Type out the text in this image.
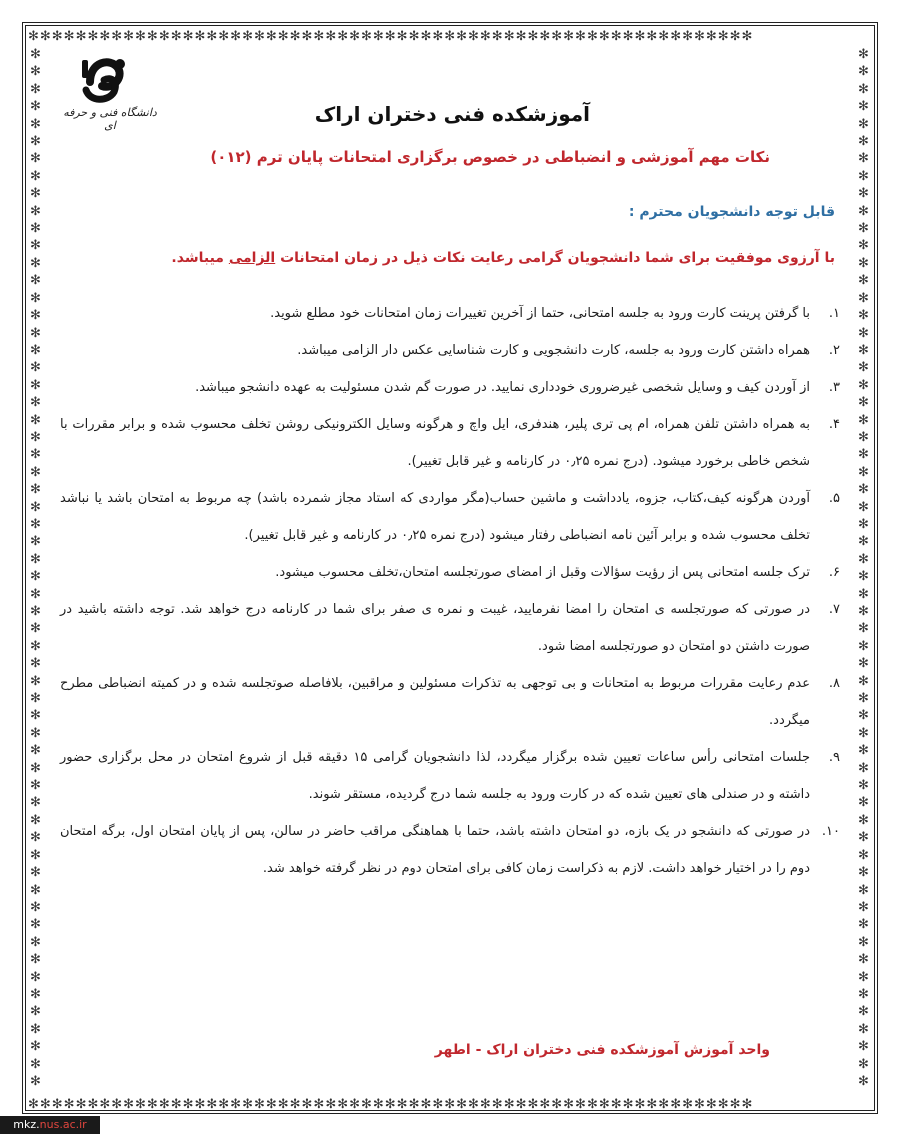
✻✻✻✻✻✻✻✻✻✻✻✻✻✻✻✻✻✻✻✻✻✻✻✻✻✻✻✻✻✻✻✻✻✻✻✻✻✻✻✻✻✻✻✻✻✻✻✻✻✻✻✻✻✻✻✻✻✻✻✻✻
✻✻✻✻✻✻✻✻✻✻✻✻✻✻✻✻✻✻✻✻✻✻✻✻✻✻✻✻✻✻✻✻✻✻✻✻✻✻✻✻✻✻✻✻✻✻✻✻✻✻✻✻✻✻✻✻✻✻✻✻✻
✻✻✻✻✻✻✻✻✻✻✻✻✻✻✻✻✻✻✻✻✻✻✻✻✻✻✻✻✻✻✻✻✻✻✻✻✻✻✻✻✻✻✻✻✻✻✻✻✻✻✻✻✻✻✻✻✻✻✻✻
✻✻✻✻✻✻✻✻✻✻✻✻✻✻✻✻✻✻✻✻✻✻✻✻✻✻✻✻✻✻✻✻✻✻✻✻✻✻✻✻✻✻✻✻✻✻✻✻✻✻✻✻✻✻✻✻✻✻✻✻
دانشگاه فنی و حرفه ای	آموزشکده فنی دختران اراک
نکات مهم آموزشی و انضباطی در خصوص برگزاری امتحانات پایان ترم (۰۱۲)
قابل توجه دانشجویان محترم :
با آرزوی موفقیت برای شما دانشجویان گرامی رعایت نکات ذیل در زمان امتحانات الزامی میباشد.
۱.
با گرفتن پرینت کارت ورود به جلسه امتحانی، حتما از آخرین تغییرات زمان امتحانات خود مطلع شوید.
۲.
همراه داشتن کارت ورود به جلسه، کارت دانشجویی و کارت شناسایی عکس دار الزامی میباشد.
۳.
از آوردن کیف و وسایل شخصی غیرضروری خودداری نمایید. در صورت گم شدن مسئولیت به عهده دانشجو میباشد.
۴.
به همراه داشتن تلفن همراه، ام پی تری پلیر، هندفری، ایل واچ و هرگونه وسایل الکترونیکی روشن تخلف محسوب شده و برابر مقررات با شخص خاطی برخورد میشود. (درج نمره ۰٫۲۵ در کارنامه و غیر قابل تغییر).
۵.
آوردن هرگونه کیف،کتاب، جزوه، یادداشت و ماشین حساب(مگر مواردی که استاد مجاز شمرده باشد) چه مربوط به امتحان باشد یا نباشد تخلف محسوب شده و برابر آئین نامه انضباطی رفتار میشود (درج نمره ۰٫۲۵ در کارنامه و غیر قابل تغییر).
۶.
ترک جلسه امتحانی پس از رؤیت سؤالات وقبل از امضای صورتجلسه امتحان،تخلف محسوب میشود.
۷.
در صورتی که صورتجلسه ی امتحان را امضا نفرمایید، غیبت و نمره ی صفر برای شما در کارنامه درج خواهد شد. توجه داشته باشید در صورت داشتن دو امتحان دو صورتجلسه امضا شود.
۸.
عدم رعایت مقررات مربوط به امتحانات و بی توجهی به تذکرات مسئولین و مراقبین، بلافاصله صوتجلسه شده و در کمیته انضباطی مطرح میگردد.
۹.
جلسات امتحانی رأس ساعات تعیین شده برگزار میگردد، لذا دانشجویان گرامی ۱۵ دقیقه قبل از شروع امتحان در محل برگزاری حضور داشته و در صندلی های تعیین شده که در کارت ورود به جلسه شما درج گردیده، مستقر شوند.
۱۰.
در صورتی که دانشجو در یک بازه، دو امتحان داشته باشد، حتما با هماهنگی مراقب حاضر در سالن، پس از پایان امتحان اول، برگه امتحان دوم را در اختیار خواهد داشت. لازم به ذکراست زمان کافی برای امتحان دوم در نظر گرفته خواهد شد.
واحد آموزش آموزشکده فنی دختران اراک - اطهر
mkz.nus.ac.ir
